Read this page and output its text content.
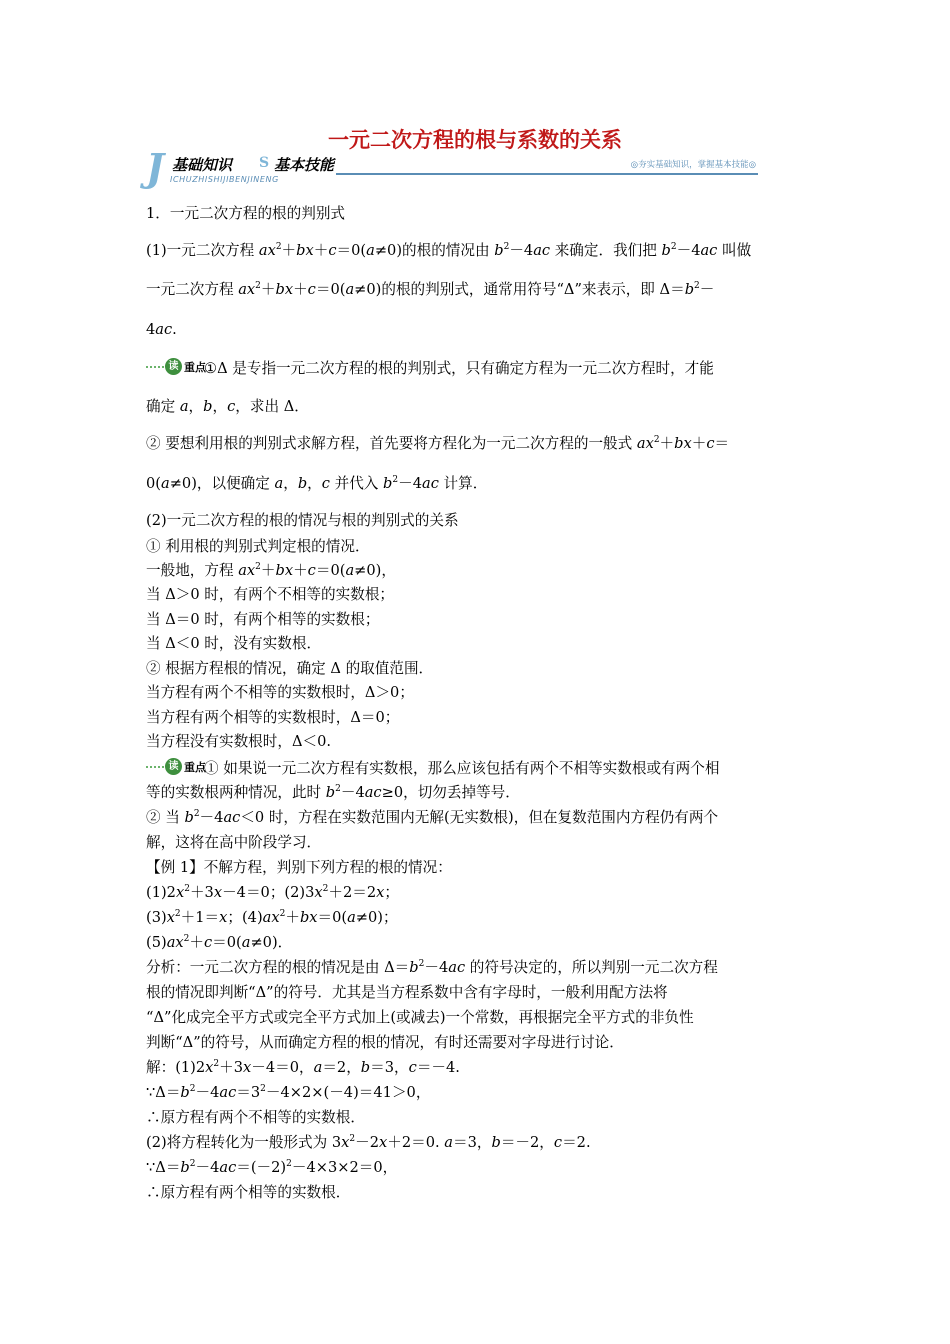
一元二次方程的根与系数的关系
J 基础知识 S 基本技能
ICHUZHISHIJIBENJINENG
◎夯实基础知识，掌握基本技能◎
1．一元二次方程的根的判别式
(1)一元二次方程 $ax^2+bx+c=0(a\ne 0)$的根的情况由 $b^2-4ac$ 来确定．我们把 $b^2-4ac$ 叫做
一元二次方程 $ax^2+bx+c=0(a\ne 0)$的根的判别式，通常用符号“Δ”来表示，即 $\Delta=b^2-$
4ac.
读 重点
①Δ 是专指一元二次方程的根的判别式，只有确定方程为一元二次方程时，才能
确定 a，b，c，求出 Δ．
② 要想利用根的判别式求解方程，首先要将方程化为一元二次方程的一般式 $ax^2+bx+c=$
0(a≠0)，以便确定 a，b，c 并代入 $b^2-4ac$ 计算．
(2)一元二次方程的根的情况与根的判别式的关系
① 利用根的判别式判定根的情况．
一般地，方程 $ax^2+bx+c=0(a\ne 0)$，
当 Δ＞0 时，有两个不相等的实数根；
当 Δ＝0 时，有两个相等的实数根；
当 Δ＜0 时，没有实数根．
② 根据方程根的情况，确定 Δ 的取值范围．
当方程有两个不相等的实数根时，Δ＞0；
当方程有两个相等的实数根时，Δ＝0；
当方程没有实数根时，Δ＜0.
读 重点
① 如果说一元二次方程有实数根，那么应该包括有两个不相等实数根或有两个相
等的实数根两种情况，此时 $b^2-4ac\ge 0$，切勿丢掉等号．
② 当 $b^2-4ac<0$ 时，方程在实数范围内无解(无实数根)，但在复数范围内方程仍有两个
解，这将在高中阶段学习．
【例 1】不解方程，判别下列方程的根的情况：
$(1)2x^2+3x-4=0$；$(2)3x^2+2=2x$；
$(3)x^2+1=x$；$(4)ax^2+bx=0(a\ne 0)$；
$(5)ax^2+c=0(a\ne 0)$．
分析：一元二次方程的根的情况是由 $\Delta=b^2-4ac$ 的符号决定的，所以判别一元二次方程
根的情况即判断“Δ”的符号．尤其是当方程系数中含有字母时，一般利用配方法将
“Δ”化成完全平方式或完全平方式加上(或减去)一个常数，再根据完全平方式的非负性
判断“Δ”的符号，从而确定方程的根的情况，有时还需要对字母进行讨论．
解：$(1)2x^2+3x-4=0$，a＝2，b＝3，c＝－4.
$\because\Delta=b^2-4ac=3^2-4\times 2\times(-4)=41>0$，
∴原方程有两个不相等的实数根．
(2)将方程转化为一般形式为 $3x^2-2x+2=0$. a＝3，b＝－2，c＝2.
$\because\Delta=b^2-4ac=(-2)^2-4\times 3\times 2=0$，
∴原方程有两个相等的实数根．
